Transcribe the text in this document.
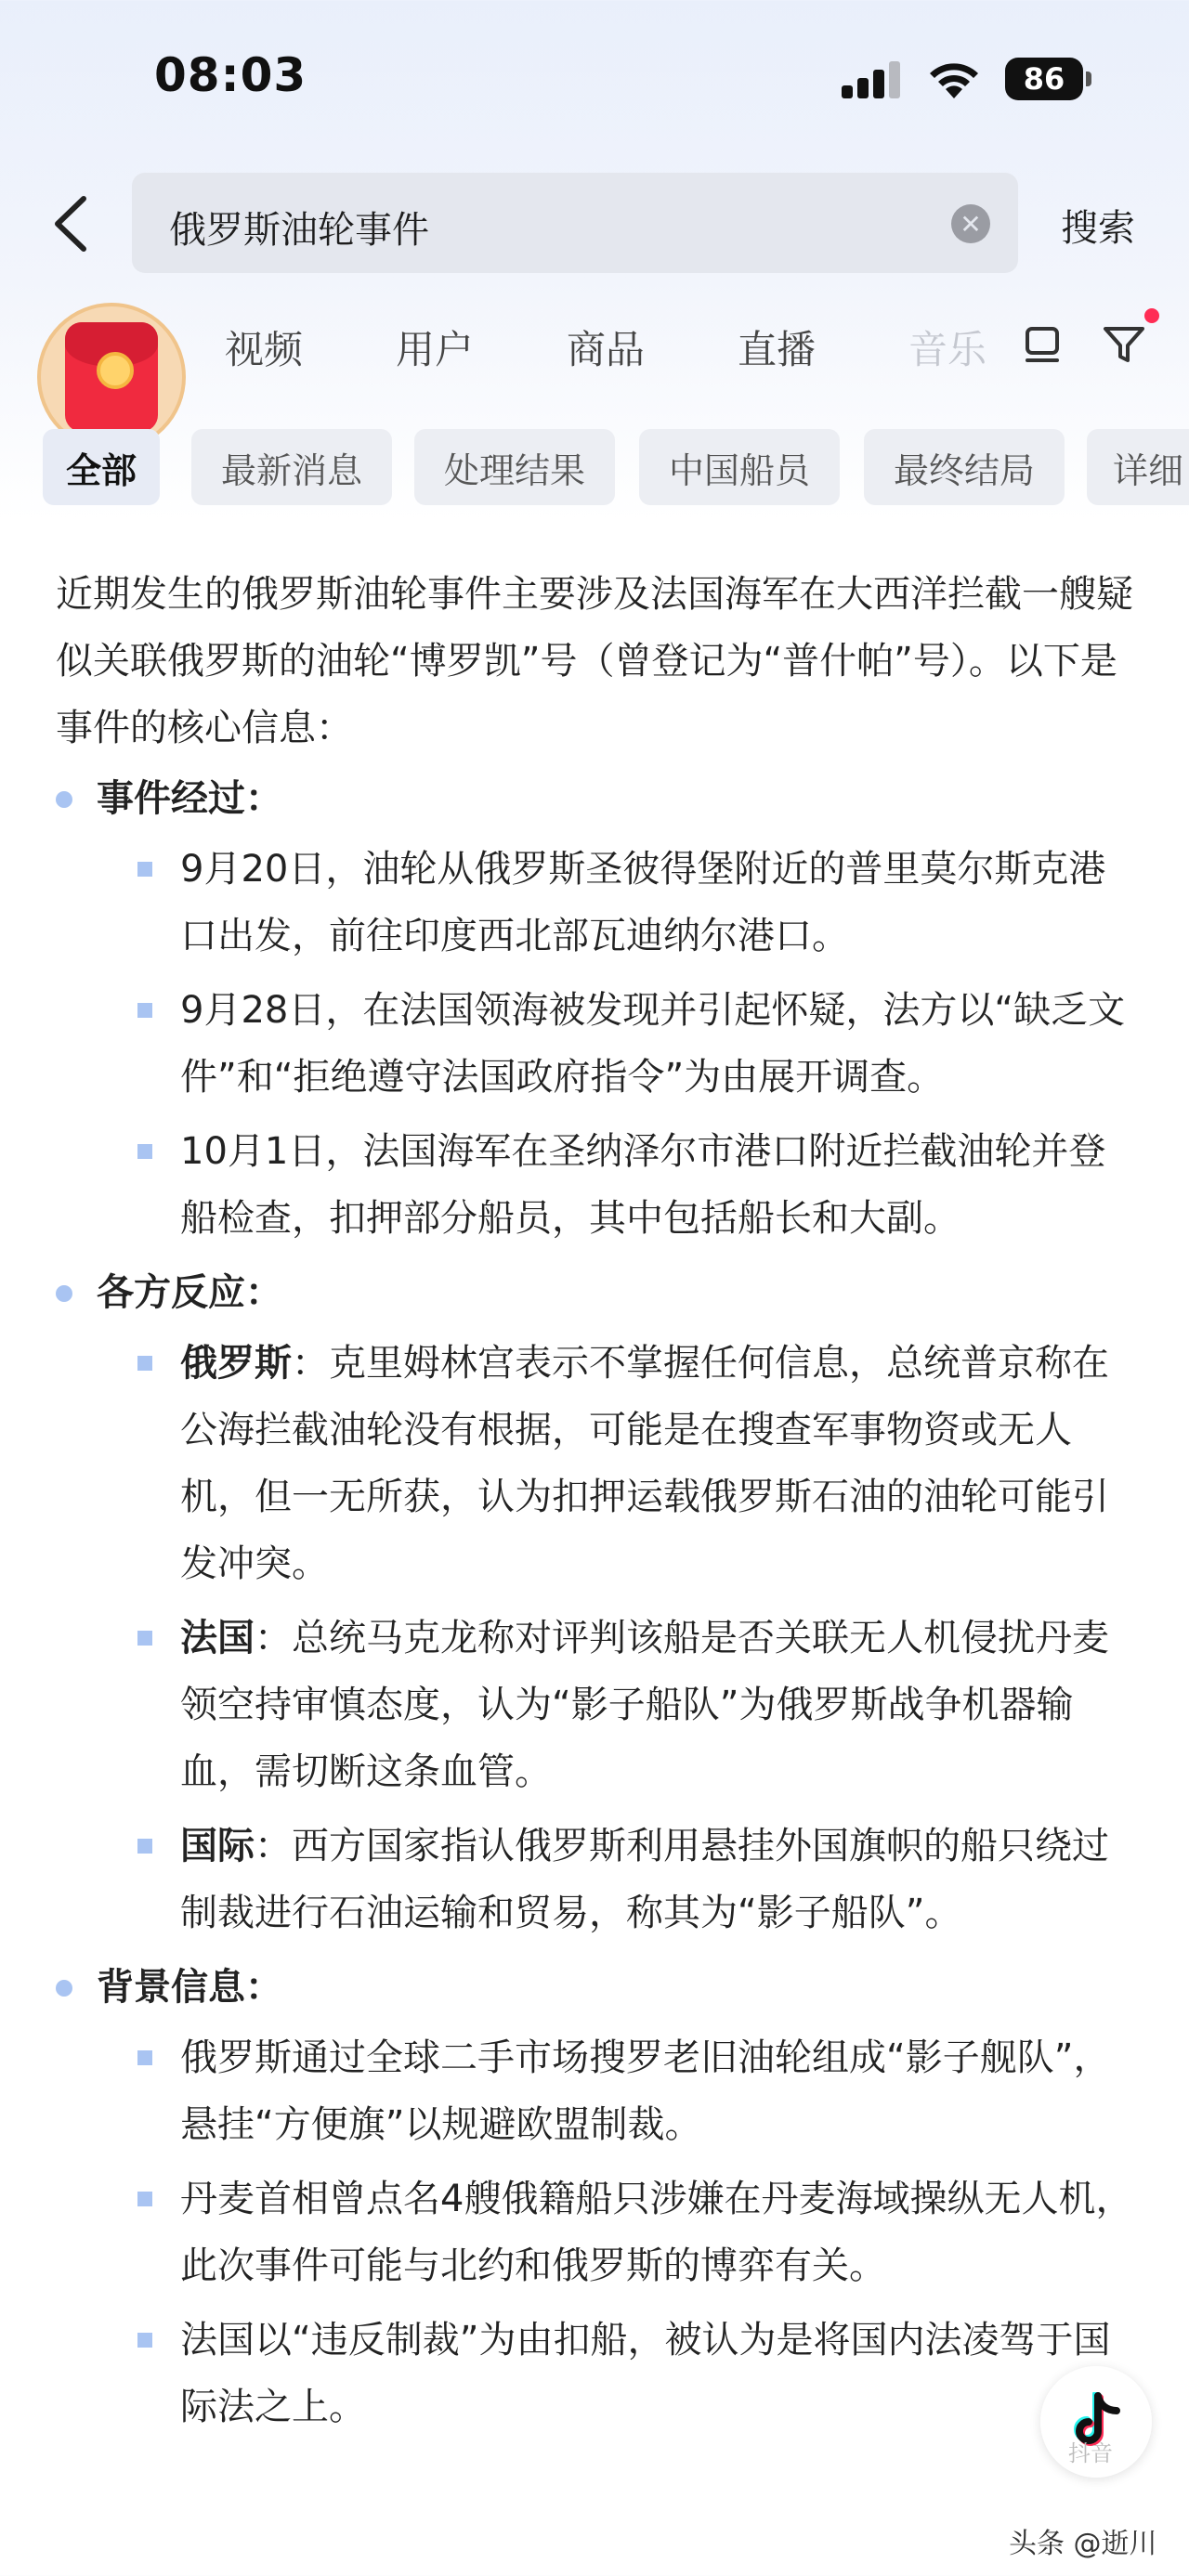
08:03	86
俄罗斯油轮事件	✕ 搜索
视频 用户 商品 直播 音乐
全部	最新消息	处理结果	中国船员	最终结局	详细
近期发生的俄罗斯油轮事件主要涉及法国海军在大西洋拦截一艘疑似关联俄罗斯的油轮“博罗凯”号（曾登记为“普什帕”号）。以下是事件的核心信息：
事件经过：
9月20日，油轮从俄罗斯圣彼得堡附近的普里莫尔斯克港口出发，前往印度西北部瓦迪纳尔港口。
9月28日，在法国领海被发现并引起怀疑，法方以“缺乏文件”和“拒绝遵守法国政府指令”为由展开调查。
10月1日，法国海军在圣纳泽尔市港口附近拦截油轮并登船检查，扣押部分船员，其中包括船长和大副。
各方反应：
俄罗斯：克里姆林宫表示不掌握任何信息，总统普京称在公海拦截油轮没有根据，可能是在搜查军事物资或无人机，但一无所获，认为扣押运载俄罗斯石油的油轮可能引发冲突。
法国：总统马克龙称对评判该船是否关联无人机侵扰丹麦领空持审慎态度，认为“影子船队”为俄罗斯战争机器输血，需切断这条血管。
国际：西方国家指认俄罗斯利用悬挂外国旗帜的船只绕过制裁进行石油运输和贸易，称其为“影子船队”。
背景信息：
俄罗斯通过全球二手市场搜罗老旧油轮组成“影子舰队”，悬挂“方便旗”以规避欧盟制裁。
丹麦首相曾点名4艘俄籍船只涉嫌在丹麦海域操纵无人机，此次事件可能与北约和俄罗斯的博弈有关。
法国以“违反制裁”为由扣船，被认为是将国内法凌驾于国际法之上。
抖音
头条 @逝川
